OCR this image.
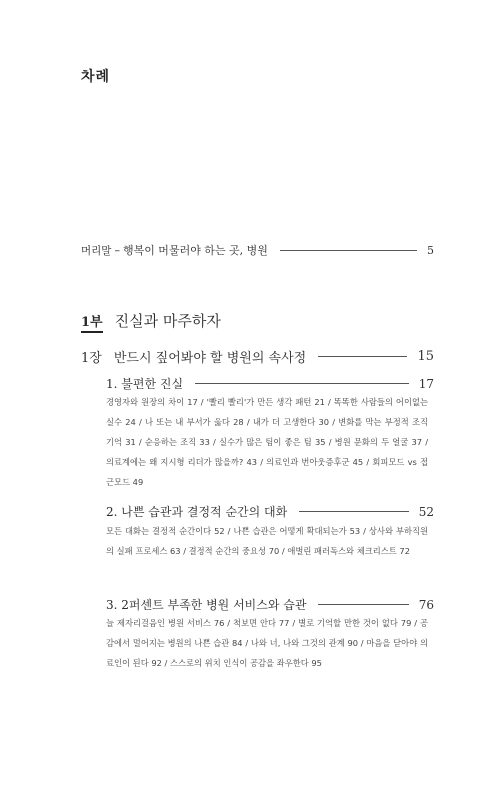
차례
머리말 – 행복이 머물러야 하는 곳, 병원	5
1부 진실과 마주하자
1장 반드시 짚어봐야 할 병원의 속사정	15
1. 불편한 진실	17
경영자와 원장의 차이 17 / '빨리 빨리'가 만든 생각 패턴 21 / 똑똑한 사람들의 어이없는 실수 24 / 나 또는 내 부서가 옳다 28 / 내가 더 고생한다 30 / 변화를 막는 부정적 조직 기억 31 / 순응하는 조직 33 / 실수가 많은 팀이 좋은 팀 35 / 병원 문화의 두 얼굴 37 / 의료계에는 왜 지시형 리더가 많을까? 43 / 의료인과 번아웃증후군 45 / 회피모드 vs 접근모드 49
2. 나쁜 습관과 결정적 순간의 대화	52
모든 대화는 결정적 순간이다 52 / 나쁜 습관은 어떻게 확대되는가 53 / 상사와 부하직원의 실패 프로세스 63 / 결정적 순간의 중요성 70 / 애벌린 패러독스와 체크리스트 72
3. 2퍼센트 부족한 병원 서비스와 습관	76
늘 제자리걸음인 병원 서비스 76 / 척보면 안다 77 / 별로 기억할 만한 것이 없다 79 / 공감에서 멀어지는 병원의 나쁜 습관 84 / 나와 너, 나와 그것의 관계 90 / 마음을 닫아야 의료인이 된다 92 / 스스로의 위치 인식이 공감을 좌우한다 95
